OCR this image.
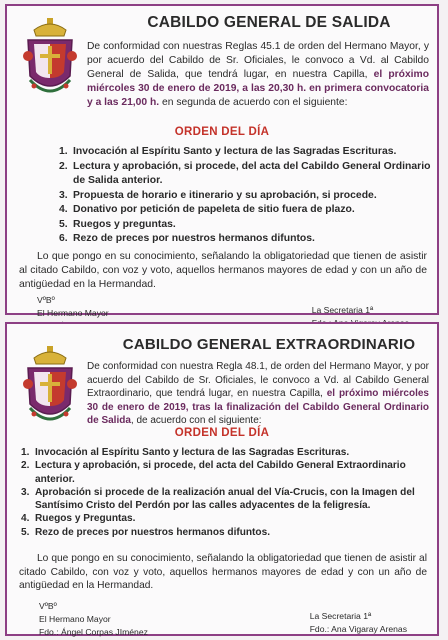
CABILDO GENERAL DE SALIDA
De conformidad con nuestras Reglas 45.1 de orden del Hermano Mayor, y por acuerdo del Cabildo de Sr. Oficiales, le convoco a Vd. al Cabildo General de Salida, que tendrá lugar, en nuestra Capilla, el próximo miércoles 30 de enero de 2019, a las 20,30 h. en primera convocatoria y a las 21,00 h. en segunda de acuerdo con el siguiente:
ORDEN DEL DÍA
1. Invocación al Espíritu Santo y lectura de las Sagradas Escrituras.
2. Lectura y aprobación, si procede, del acta del Cabildo General Ordinario de Salida anterior.
3. Propuesta de horario e itinerario y su aprobación, si procede.
4. Donativo por petición de papeleta de sitio fuera de plazo.
5. Ruegos y preguntas.
6. Rezo de preces por nuestros hermanos difuntos.
Lo que pongo en su conocimiento, señalando la obligatoriedad que tienen de asistir al citado Cabildo, con voz y voto, aquellos hermanos mayores de edad y con un año de antigüedad en la Hermandad.
VºBº
El Hermano Mayor	La Secretaria 1ª
CABILDO GENERAL EXTRAORDINARIO
De conformidad con nuestra Regla 48.1, de orden del Hermano Mayor, y por acuerdo del Cabildo de Sr. Oficiales, le convoco a Vd. al Cabildo General Extraordinario, que tendrá lugar, en nuestra Capilla, el próximo miércoles 30 de enero de 2019, tras la finalización del Cabildo General Ordinario de Salida, de acuerdo con el siguiente:
ORDEN DEL DÍA
1. Invocación al Espíritu Santo y lectura de las Sagradas Escrituras.
2. Lectura y aprobación, si procede, del acta del Cabildo General Extraordinario anterior.
3. Aprobación si procede de la realización anual del Vía-Crucis, con la Imagen del Santísimo Cristo del Perdón por las calles adyacentes de la feligresía.
4. Ruegos y Preguntas.
5. Rezo de preces por nuestros hermanos difuntos.
Lo que pongo en su conocimiento, señalando la obligatoriedad que tienen de asistir al citado Cabildo, con voz y voto, aquellos hermanos mayores de edad y con un año de antigüedad en la Hermandad.
VºBº
El Hermano Mayor
Fdo.: Ángel Corpas JIménez
La Secretaria 1ª
Fdo.: Ana Vigaray Arenas
